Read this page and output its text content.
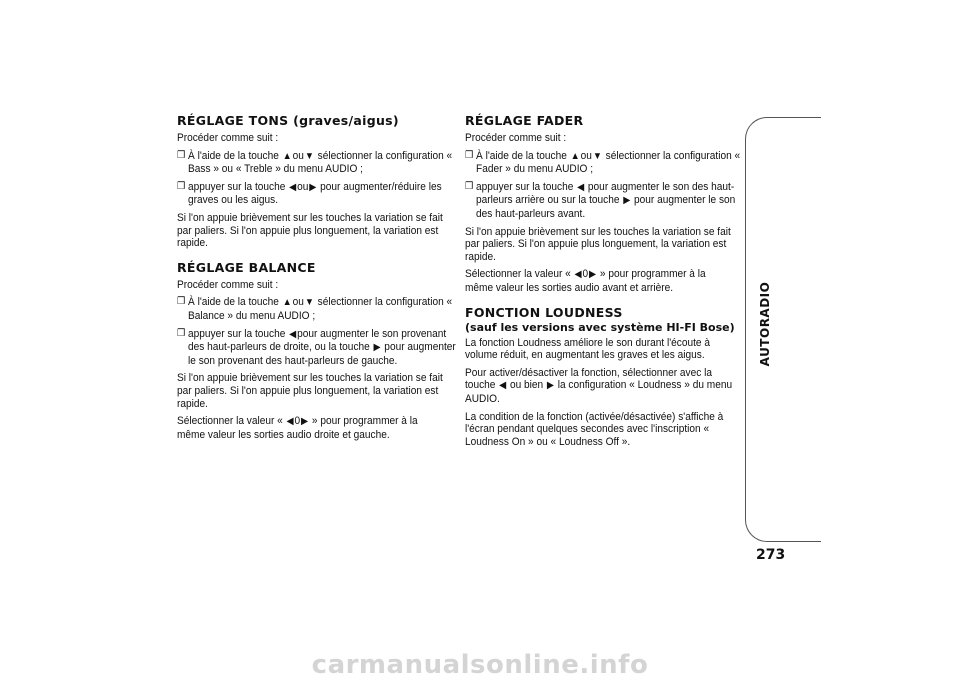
RÉGLAGE TONS (graves/aigus)

Procéder comme suit :

❒ À l'aide de la touche ▲ou▼ sélectionner la configuration « Bass » ou « Treble » du menu AUDIO ;

❒ appuyer sur la touche ◀ou▶ pour augmenter/réduire les graves ou les aigus.

Si l'on appuie brièvement sur les touches la variation se fait par paliers. Si l'on appuie plus longuement, la variation est rapide.

RÉGLAGE BALANCE

Procéder comme suit :

❒ À l'aide de la touche ▲ou▼ sélectionner la configuration « Balance » du menu AUDIO ;

❒ appuyer sur la touche ◀pour augmenter le son provenant des haut-parleurs de droite, ou la touche ▶ pour augmenter le son provenant des haut-parleurs de gauche.

Si l'on appuie brièvement sur les touches la variation se fait par paliers. Si l'on appuie plus longuement, la variation est rapide.

Sélectionner la valeur « ◀0▶ » pour programmer à la même valeur les sorties audio droite et gauche.

RÉGLAGE FADER

Procéder comme suit :

❒ À l'aide de la touche ▲ou▼ sélectionner la configuration « Fader » du menu AUDIO ;

❒ appuyer sur la touche ◀ pour augmenter le son des haut-parleurs arrière ou sur la touche ▶ pour augmenter le son des haut-parleurs avant.

Si l'on appuie brièvement sur les touches la variation se fait par paliers. Si l'on appuie plus longuement, la variation est rapide.

Sélectionner la valeur « ◀0▶ » pour programmer à la même valeur les sorties audio avant et arrière.

FONCTION LOUDNESS
(sauf les versions avec système HI-FI Bose)

La fonction Loudness améliore le son durant l'écoute à volume réduit, en augmentant les graves et les aigus.

Pour activer/désactiver la fonction, sélectionner avec la touche ◀ ou bien ▶ la configuration « Loudness » du menu AUDIO.

La condition de la fonction (activée/désactivée) s'affiche à l'écran pendant quelques secondes avec l'inscription « Loudness On » ou « Loudness Off ».

AUTORADIO
273
carmanualsonline.info
